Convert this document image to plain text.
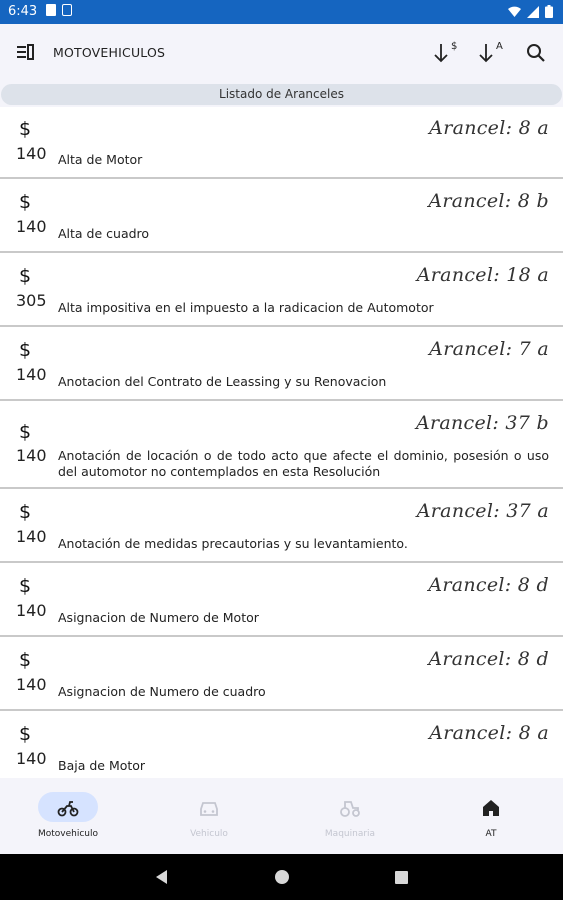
6:43
MOTOVEHICULOS	$	A
Listado de Aranceles
$
140
Arancel: 8 a
Alta de Motor
$
140
Arancel: 8 b
Alta de cuadro
$
305
Arancel: 18 a
Alta impositiva en el impuesto a la radicacion de Automotor
$
140
Arancel: 7 a
Anotacion del Contrato de Leassing y su Renovacion
$
140
Arancel: 37 b
Anotación de locación o de todo acto que afecte el dominio, posesión o uso del automotor no contemplados en esta Resolución
$
140
Arancel: 37 a
Anotación de medidas precautorias y su levantamiento.
$
140
Arancel: 8 d
Asignacion de Numero de Motor
$
140
Arancel: 8 d
Asignacion de Numero de cuadro
$
140
Arancel: 8 a
Baja de Motor
Motovehiculo	Vehiculo	Maquinaria	AT
